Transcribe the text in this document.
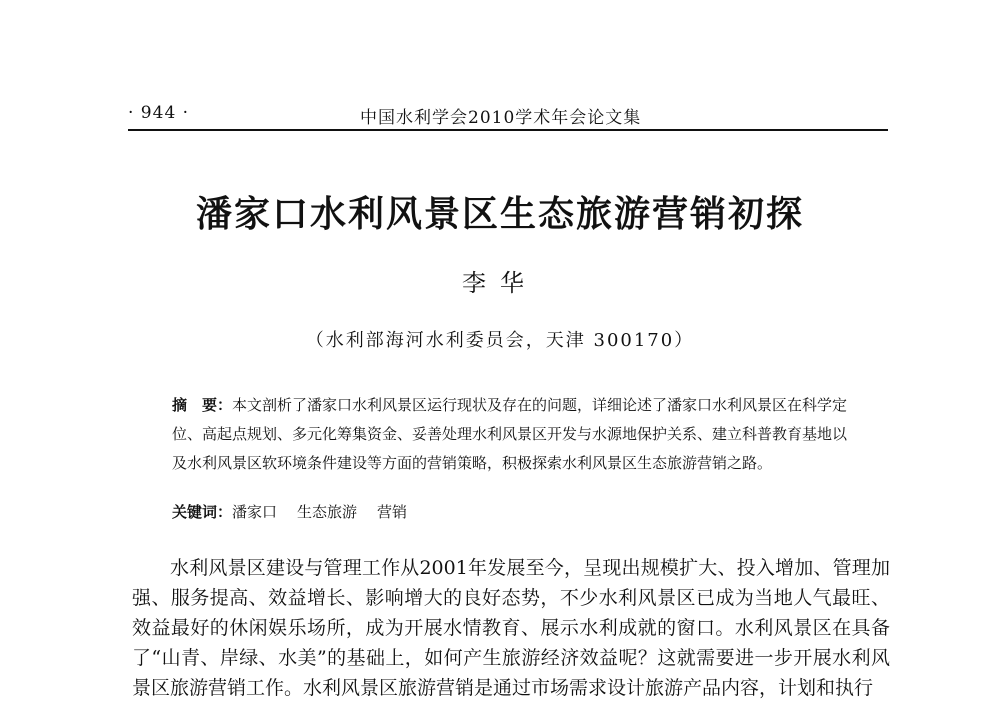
· 944 ·	中国水利学会2010学术年会论文集
潘家口水利风景区生态旅游营销初探
李华
（水利部海河水利委员会，天津 300170）
摘　要：本文剖析了潘家口水利风景区运行现状及存在的问题，详细论述了潘家口水利风景区在科学定位、高起点规划、多元化筹集资金、妥善处理水利风景区开发与水源地保护关系、建立科普教育基地以及水利风景区软环境条件建设等方面的营销策略，积极探索水利风景区生态旅游营销之路。
关键词：潘家口 生态旅游 营销
水利风景区建设与管理工作从2001年发展至今，呈现出规模扩大、投入增加、管理加强、服务提高、效益增长、影响增大的良好态势，不少水利风景区已成为当地人气最旺、效益最好的休闲娱乐场所，成为开展水情教育、展示水利成就的窗口。水利风景区在具备了“山青、岸绿、水美”的基础上，如何产生旅游经济效益呢？这就需要进一步开展水利风景区旅游营销工作。水利风景区旅游营销是通过市场需求设计旅游产品内容，计划和执行
